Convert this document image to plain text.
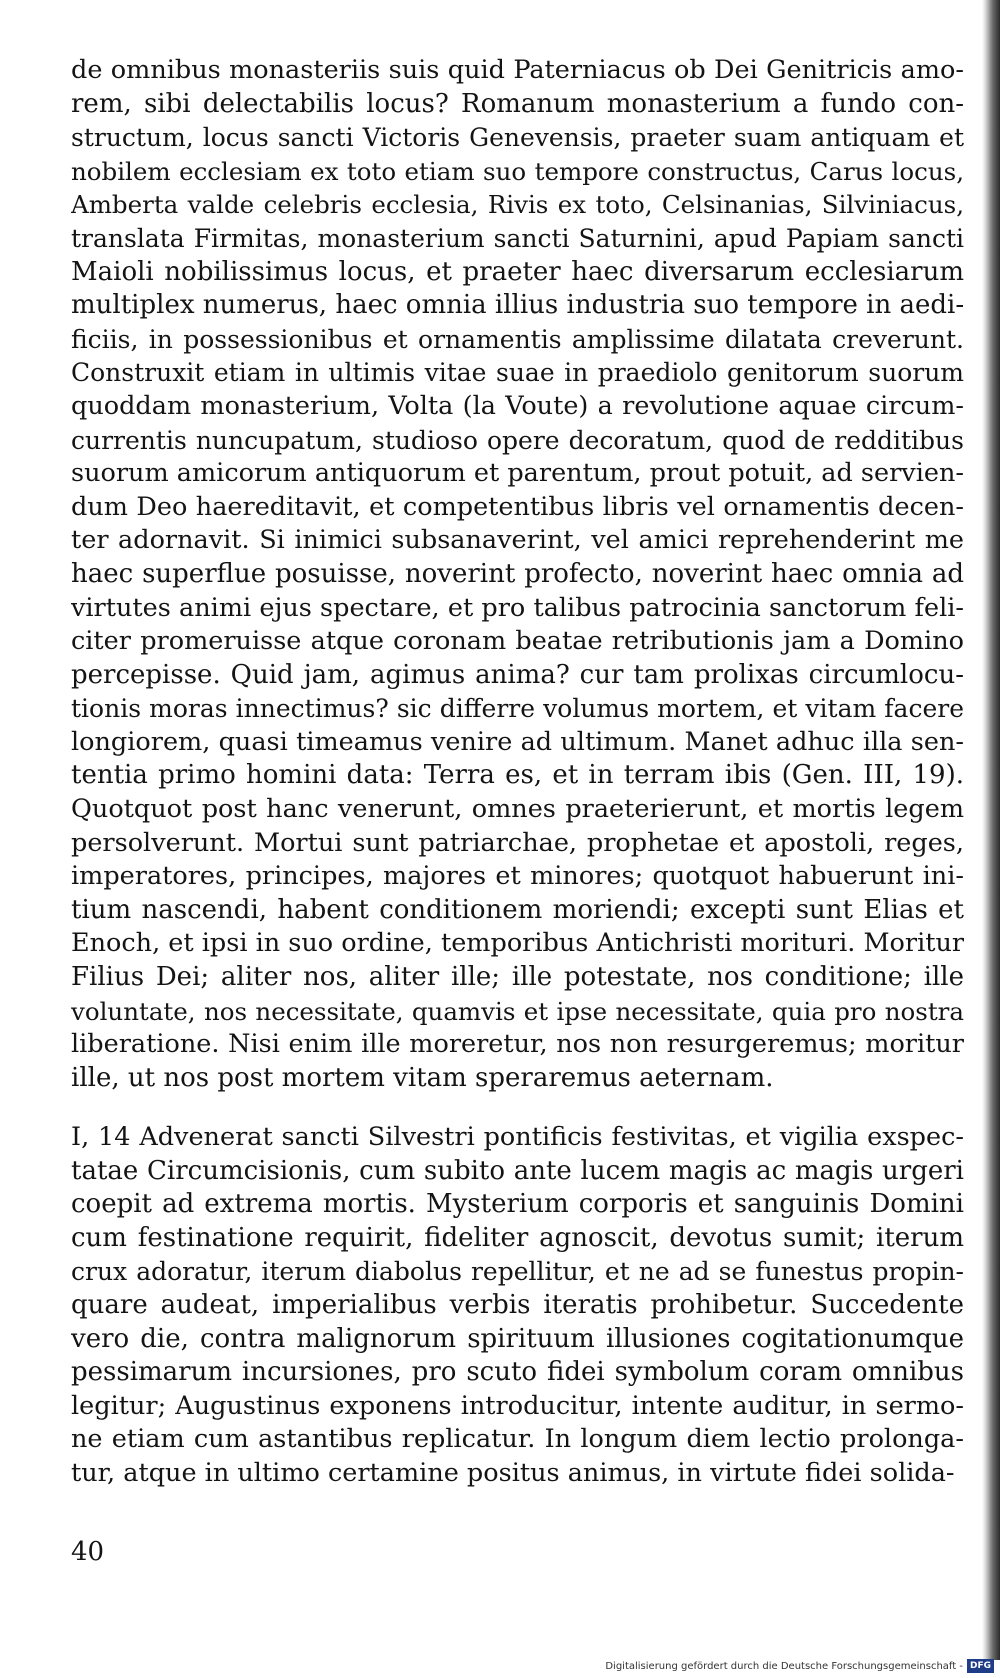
de omnibus monasteriis suis quid Paterniacus ob Dei Genitricis amo-
rem, sibi delectabilis locus? Romanum monasterium a fundo con-
structum, locus sancti Victoris Genevensis, praeter suam antiquam et
nobilem ecclesiam ex toto etiam suo tempore constructus, Carus locus,
Amberta valde celebris ecclesia, Rivis ex toto, Celsinanias, Silviniacus,
translata Firmitas, monasterium sancti Saturnini, apud Papiam sancti
Maioli nobilissimus locus, et praeter haec diversarum ecclesiarum
multiplex numerus, haec omnia illius industria suo tempore in aedi-
ficiis, in possessionibus et ornamentis amplissime dilatata creverunt.
Construxit etiam in ultimis vitae suae in praediolo genitorum suorum
quoddam monasterium, Volta (la Voute) a revolutione aquae circum-
currentis nuncupatum, studioso opere decoratum, quod de redditibus
suorum amicorum antiquorum et parentum, prout potuit, ad servien-
dum Deo haereditavit, et competentibus libris vel ornamentis decen-
ter adornavit. Si inimici subsanaverint, vel amici reprehenderint me
haec superflue posuisse, noverint profecto, noverint haec omnia ad
virtutes animi ejus spectare, et pro talibus patrocinia sanctorum feli-
citer promeruisse atque coronam beatae retributionis jam a Domino
percepisse. Quid jam, agimus anima? cur tam prolixas circumlocu-
tionis moras innectimus? sic differre volumus mortem, et vitam facere
longiorem, quasi timeamus venire ad ultimum. Manet adhuc illa sen-
tentia primo homini data: Terra es, et in terram ibis (Gen. III, 19).
Quotquot post hanc venerunt, omnes praeterierunt, et mortis legem
persolverunt. Mortui sunt patriarchae, prophetae et apostoli, reges,
imperatores, principes, majores et minores; quotquot habuerunt ini-
tium nascendi, habent conditionem moriendi; excepti sunt Elias et
Enoch, et ipsi in suo ordine, temporibus Antichristi morituri. Moritur
Filius Dei; aliter nos, aliter ille; ille potestate, nos conditione; ille
voluntate, nos necessitate, quamvis et ipse necessitate, quia pro nostra
liberatione. Nisi enim ille moreretur, nos non resurgeremus; moritur
ille, ut nos post mortem vitam speraremus aeternam.
I, 14 Advenerat sancti Silvestri pontificis festivitas, et vigilia exspec-
tatae Circumcisionis, cum subito ante lucem magis ac magis urgeri
coepit ad extrema mortis. Mysterium corporis et sanguinis Domini
cum festinatione requirit, fideliter agnoscit, devotus sumit; iterum
crux adoratur, iterum diabolus repellitur, et ne ad se funestus propin-
quare audeat, imperialibus verbis iteratis prohibetur. Succedente
vero die, contra malignorum spirituum illusiones cogitationumque
pessimarum incursiones, pro scuto fidei symbolum coram omnibus
legitur; Augustinus exponens introducitur, intente auditur, in sermo-
ne etiam cum astantibus replicatur. In longum diem lectio prolonga-
tur, atque in ultimo certamine positus animus, in virtute fidei solida-
40
Digitalisierung gefördert durch die Deutsche Forschungsgemeinschaft - DFG
